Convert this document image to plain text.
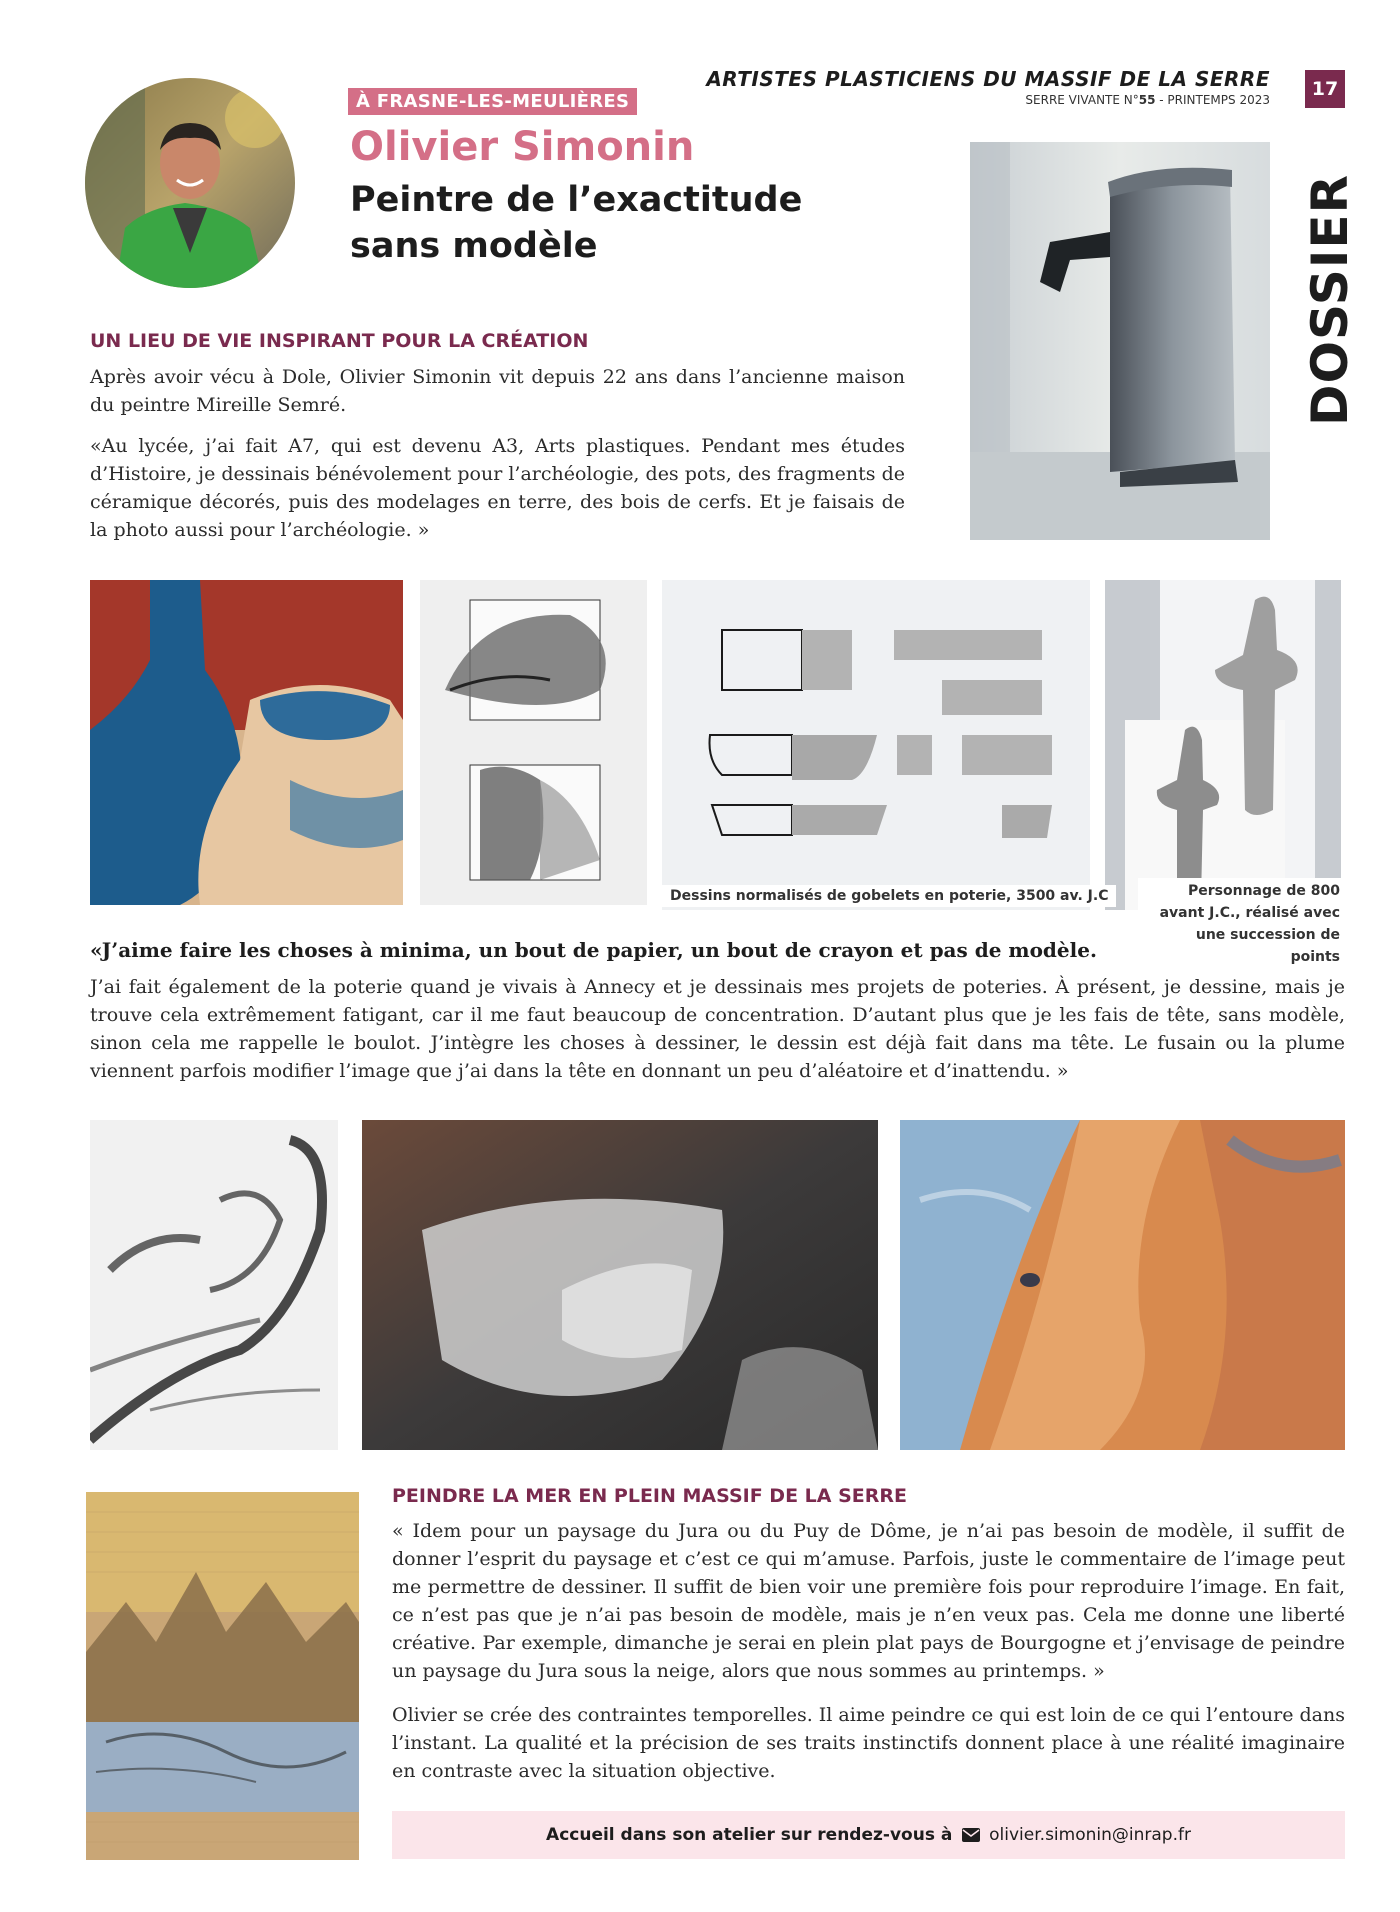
ARTISTES PLASTICIENS DU MASSIF DE LA SERRE
SERRE VIVANTE N°55 - PRINTEMPS 2023	17
DOSSIER
À FRASNE-LES-MEULIÈRES
Olivier Simonin
Peintre de l’exactitude
sans modèle
UN LIEU DE VIE INSPIRANT POUR LA CRÉATION
Après avoir vécu à Dole, Olivier Simonin vit depuis 22 ans dans l’ancienne maison du peintre Mireille Semré.
«Au lycée, j’ai fait A7, qui est devenu A3, Arts plastiques. Pendant mes études d’Histoire, je dessinais bénévolement pour l’archéologie, des pots, des fragments de céramique décorés, puis des modelages en terre, des bois de cerfs. Et je faisais de la photo aussi pour l’archéologie. »
Dessins normalisés de gobelets en poterie, 3500 av. J.C	Personnage de 800
avant J.C., réalisé avec
une succession de points
«J’aime faire les choses à minima, un bout de papier, un bout de crayon et pas de modèle.
J’ai fait également de la poterie quand je vivais à Annecy et je dessinais mes projets de poteries. À présent, je dessine, mais je trouve cela extrêmement fatigant, car il me faut beaucoup de concentration. D’autant plus que je les fais de tête, sans modèle, sinon cela me rappelle le boulot. J’intègre les choses à dessiner, le dessin est déjà fait dans ma tête. Le fusain ou la plume viennent parfois modifier l’image que j’ai dans la tête en donnant un peu d’aléatoire et d’inattendu. »
PEINDRE LA MER EN PLEIN MASSIF DE LA SERRE
« Idem pour un paysage du Jura ou du Puy de Dôme, je n’ai pas besoin de modèle, il suffit de donner l’esprit du paysage et c’est ce qui m’amuse. Parfois, juste le commentaire de l’image peut me permettre de dessiner. Il suffit de bien voir une première fois pour reproduire l’image. En fait, ce n’est pas que je n’ai pas besoin de modèle, mais je n’en veux pas. Cela me donne une liberté créative. Par exemple, dimanche je serai en plein plat pays de Bourgogne et j’envisage de peindre un paysage du Jura sous la neige, alors que nous sommes au printemps. »
Olivier se crée des contraintes temporelles. Il aime peindre ce qui est loin de ce qui l’entoure dans l’instant. La qualité et la précision de ses traits instinctifs donnent place à une réalité imaginaire en contraste avec la situation objective.
Accueil dans son atelier sur rendez-vous à olivier.simonin@inrap.fr
